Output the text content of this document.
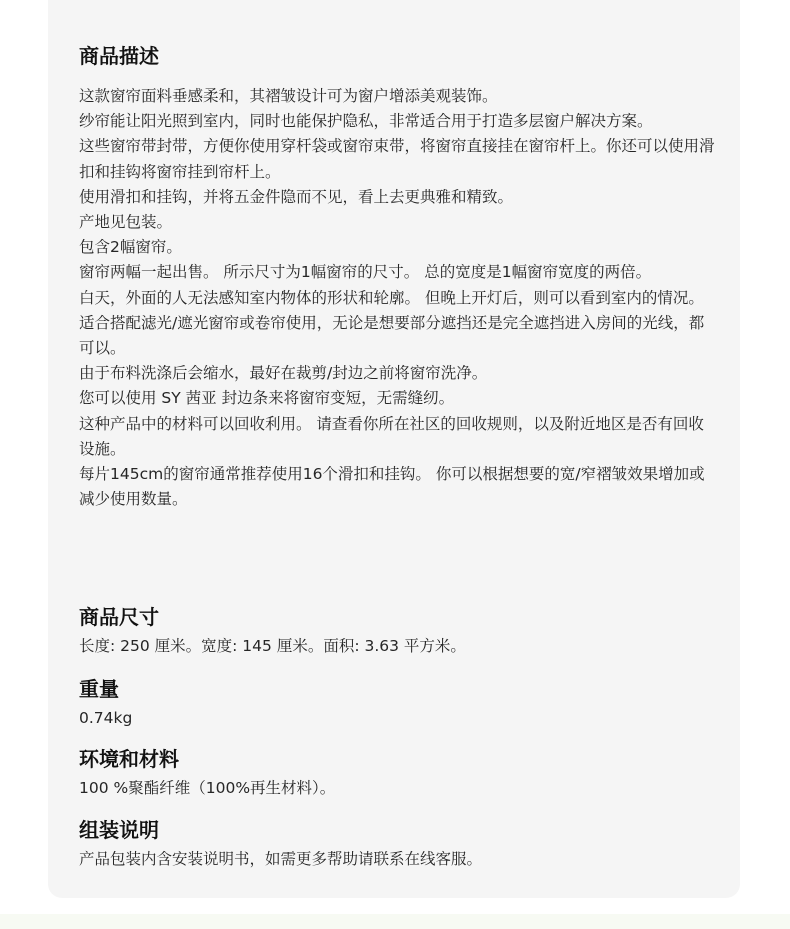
商品描述

这款窗帘面料垂感柔和，其褶皱设计可为窗户增添美观装饰。

纱帘能让阳光照到室内，同时也能保护隐私，非常适合用于打造多层窗户解决方案。

这些窗帘带封带，方便你使用穿杆袋或窗帘束带，将窗帘直接挂在窗帘杆上。你还可以使用滑扣和挂钩将窗帘挂到帘杆上。

使用滑扣和挂钩，并将五金件隐而不见，看上去更典雅和精致。

产地见包装。

包含2幅窗帘。

窗帘两幅一起出售。 所示尺寸为1幅窗帘的尺寸。 总的宽度是1幅窗帘宽度的两倍。

白天，外面的人无法感知室内物体的形状和轮廓。 但晚上开灯后，则可以看到室内的情况。

适合搭配滤光/遮光窗帘或卷帘使用，无论是想要部分遮挡还是完全遮挡进入房间的光线，都可以。

由于布料洗涤后会缩水，最好在裁剪/封边之前将窗帘洗净。

您可以使用 SY 茜亚 封边条来将窗帘变短，无需缝纫。

这种产品中的材料可以回收利用。 请查看你所在社区的回收规则，以及附近地区是否有回收设施。

每片145cm的窗帘通常推荐使用16个滑扣和挂钩。 你可以根据想要的宽/窄褶皱效果增加或减少使用数量。

商品尺寸

长度: 250 厘米。宽度: 145 厘米。面积: 3.63 平方米。

重量

0.74kg

环境和材料

100 %聚酯纤维（100%再生材料）。

组装说明

产品包装内含安装说明书，如需更多帮助请联系在线客服。
